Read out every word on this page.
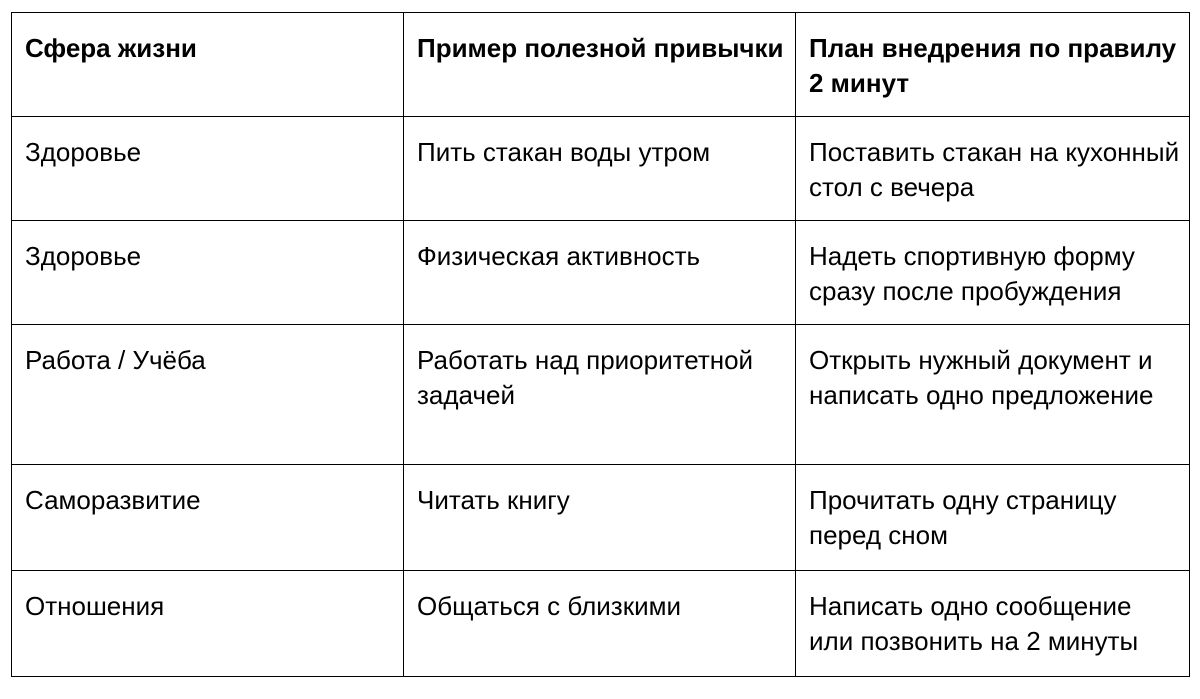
Сфера жизни	Пример полезной привычки	План внедрения по правилу 2 минут
Здоровье	Пить стакан воды утром	Поставить стакан на кухонный стол с вечера
Здоровье	Физическая активность	Надеть спортивную форму сразу после пробуждения
Работа / Учёба	Работать над приоритетной задачей	Открыть нужный документ и написать одно предложение
Саморазвитие	Читать книгу	Прочитать одну страницу перед сном
Отношения	Общаться с близкими	Написать одно сообщение или позвонить на 2 минуты
